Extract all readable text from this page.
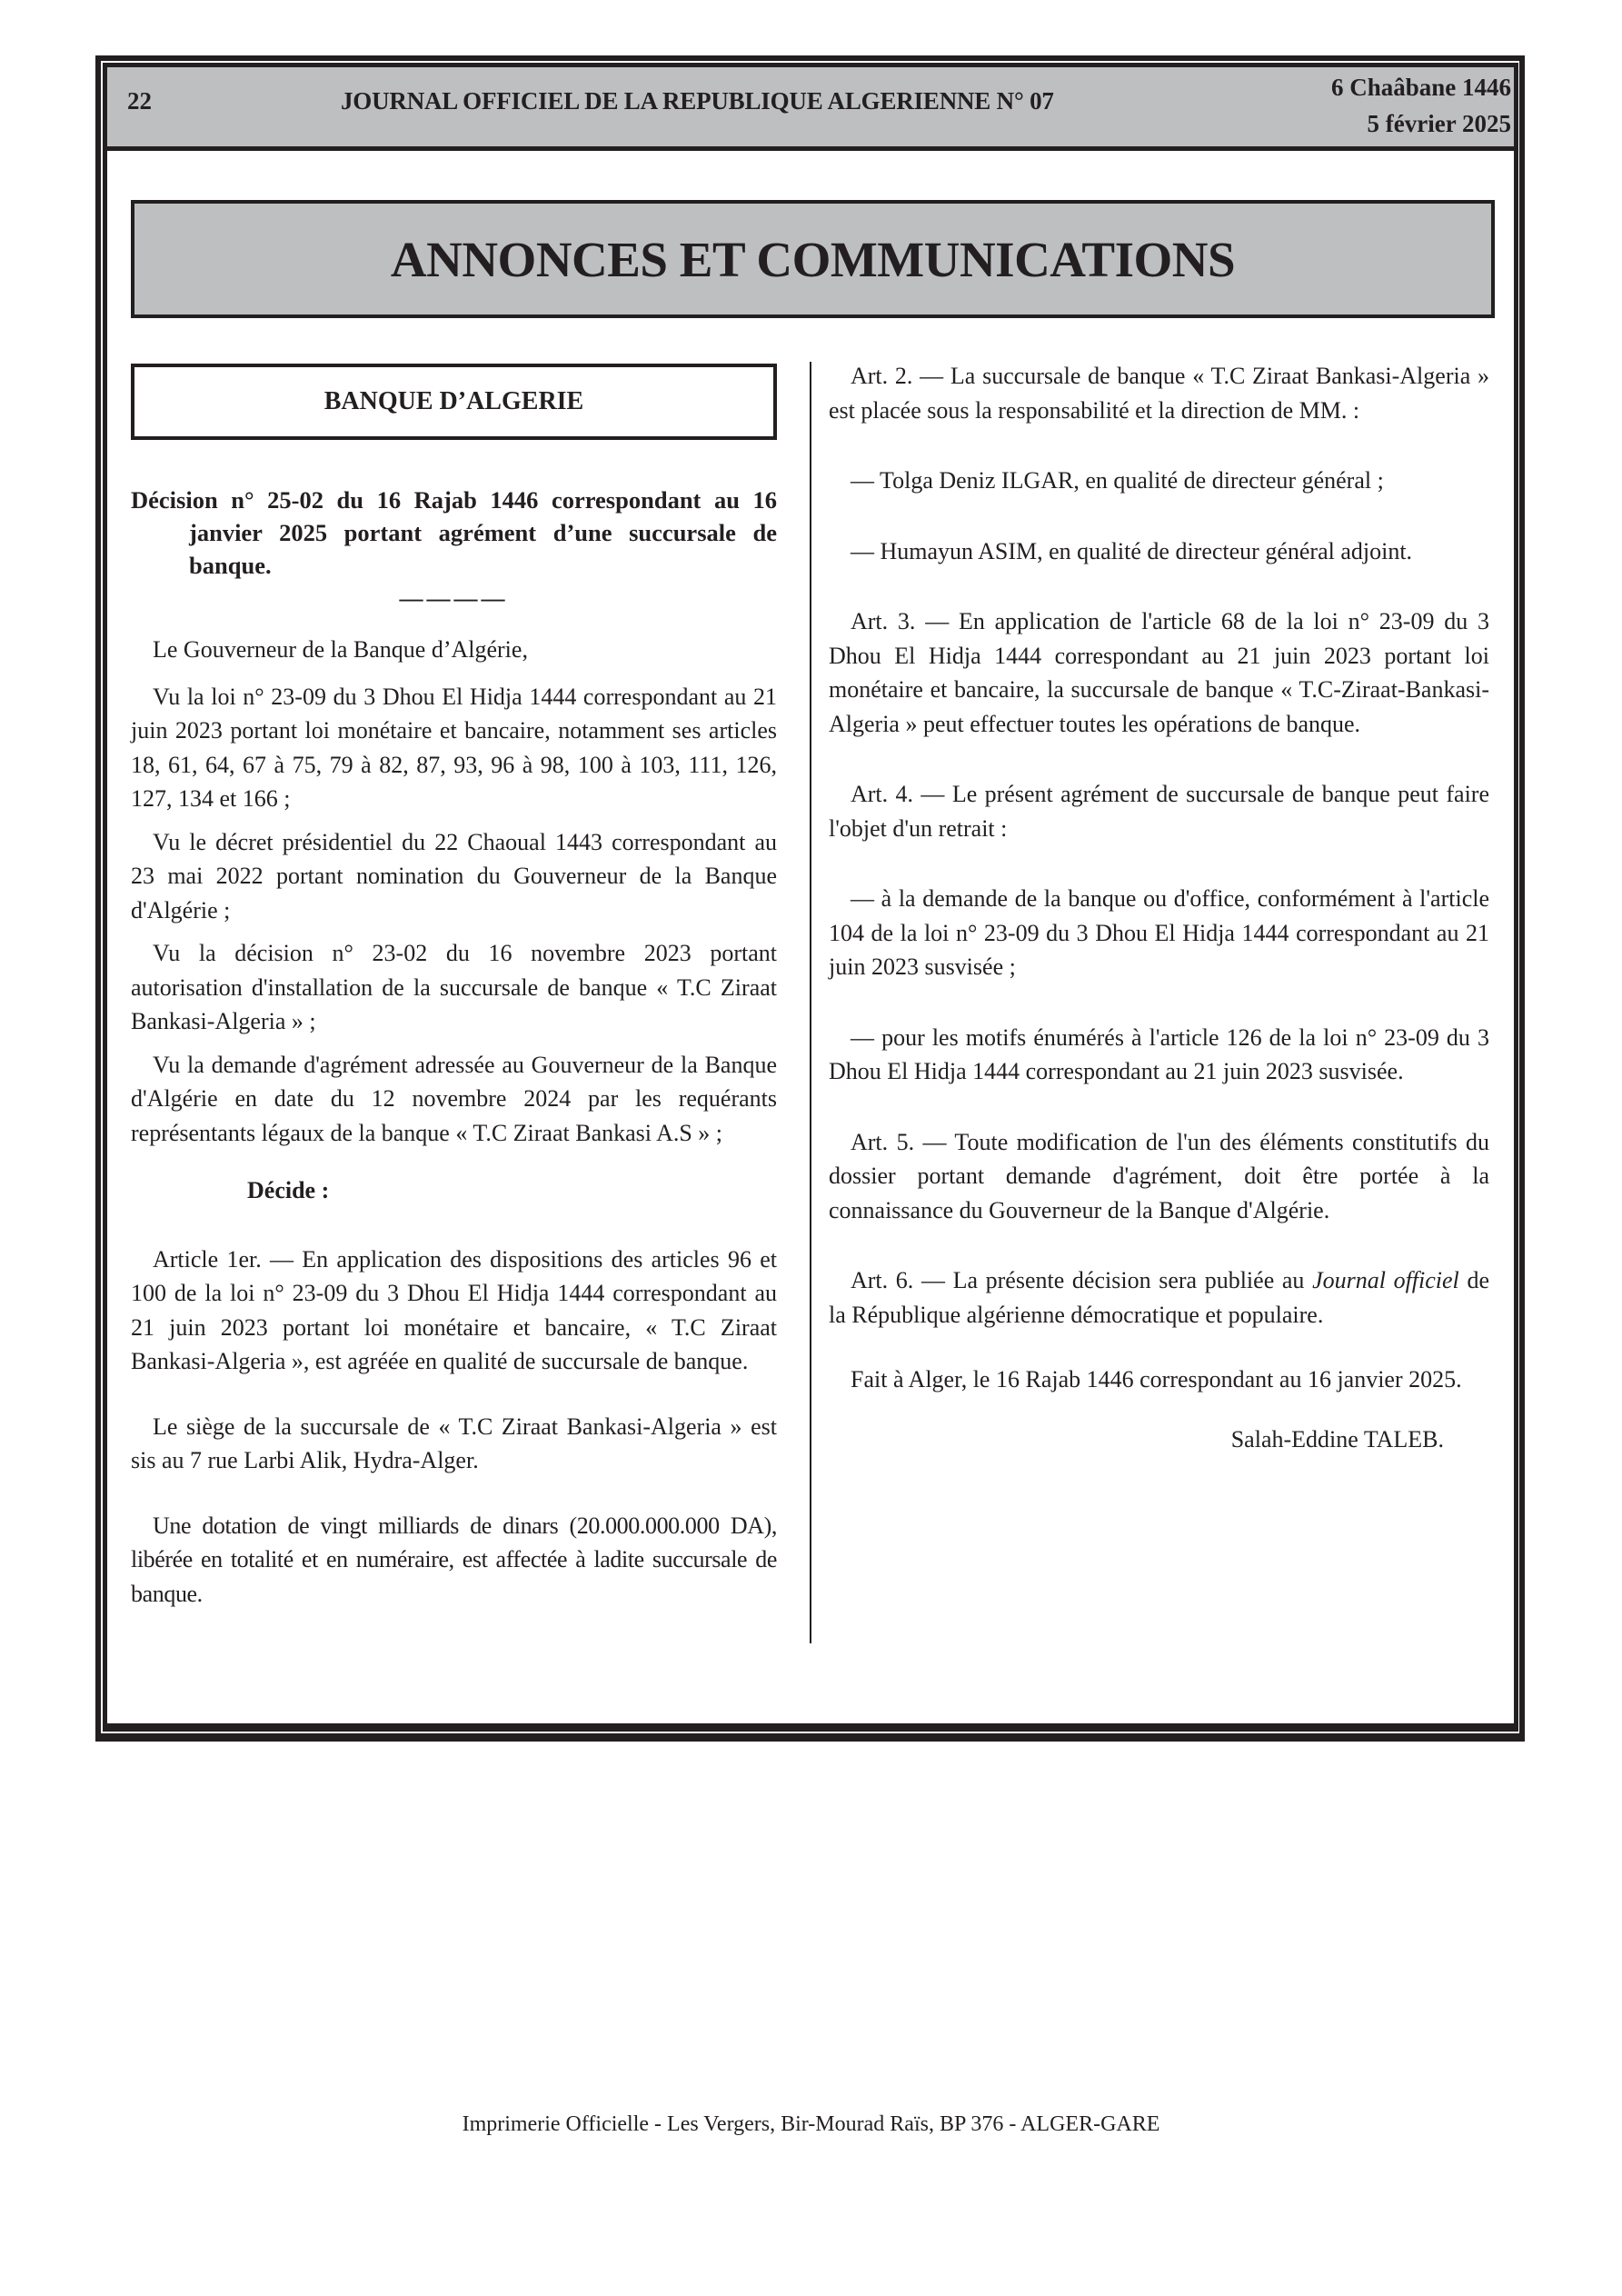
22	JOURNAL OFFICIEL DE LA REPUBLIQUE ALGERIENNE N° 07	6 Chaâbane 1446
5 février 2025
ANNONCES ET COMMUNICATIONS
BANQUE D’ALGERIE

Décision n° 25-02 du 16 Rajab 1446 correspondant au 16 janvier 2025 portant agrément d’une succursale de banque.

————

Le Gouverneur de la Banque d’Algérie,

Vu la loi n° 23-09 du 3 Dhou El Hidja 1444 correspondant au 21 juin 2023 portant loi monétaire et bancaire, notamment ses articles 18, 61, 64, 67 à 75, 79 à 82, 87, 93, 96 à 98, 100 à 103, 111, 126, 127, 134 et 166 ;

Vu le décret présidentiel du 22 Chaoual 1443 correspondant au 23 mai 2022 portant nomination du Gouverneur de la Banque d'Algérie ;

Vu la décision n° 23-02 du 16 novembre 2023 portant autorisation d'installation de la succursale de banque « T.C Ziraat Bankasi-Algeria » ;

Vu la demande d'agrément adressée au Gouverneur de la Banque d'Algérie en date du 12 novembre 2024 par les requérants représentants légaux de la banque « T.C Ziraat Bankasi A.S » ;

Décide :

Article 1er. — En application des dispositions des articles 96 et 100 de la loi n° 23-09 du 3 Dhou El Hidja 1444 correspondant au 21 juin 2023 portant loi monétaire et bancaire, « T.C Ziraat Bankasi-Algeria », est agréée en qualité de succursale de banque.

Le siège de la succursale de « T.C Ziraat Bankasi-Algeria » est sis au 7 rue Larbi Alik, Hydra-Alger.

Une dotation de vingt milliards de dinars (20.000.000.000 DA), libérée en totalité et en numéraire, est affectée à ladite succursale de banque.

Art. 2. — La succursale de banque « T.C Ziraat Bankasi-Algeria » est placée sous la responsabilité et la direction de MM. :

— Tolga Deniz ILGAR, en qualité de directeur général ;

— Humayun ASIM, en qualité de directeur général adjoint.

Art. 3. — En application de l'article 68 de la loi n° 23-09 du 3 Dhou El Hidja 1444 correspondant au 21 juin 2023 portant loi monétaire et bancaire, la succursale de banque « T.C-Ziraat-Bankasi-Algeria » peut effectuer toutes les opérations de banque.

Art. 4. — Le présent agrément de succursale de banque peut faire l'objet d'un retrait :

— à la demande de la banque ou d'office, conformément à l'article 104 de la loi n° 23-09 du 3 Dhou El Hidja 1444 correspondant au 21 juin 2023 susvisée ;

— pour les motifs énumérés à l'article 126 de la loi n° 23-09 du 3 Dhou El Hidja 1444 correspondant au 21 juin 2023 susvisée.

Art. 5. — Toute modification de l'un des éléments constitutifs du dossier portant demande d'agrément, doit être portée à la connaissance du Gouverneur de la Banque d'Algérie.

Art. 6. — La présente décision sera publiée au Journal officiel de la République algérienne démocratique et populaire.

Fait à Alger, le 16 Rajab 1446 correspondant au 16 janvier 2025.

Salah-Eddine TALEB.

Imprimerie Officielle - Les Vergers, Bir-Mourad Raïs, BP 376 - ALGER-GARE
